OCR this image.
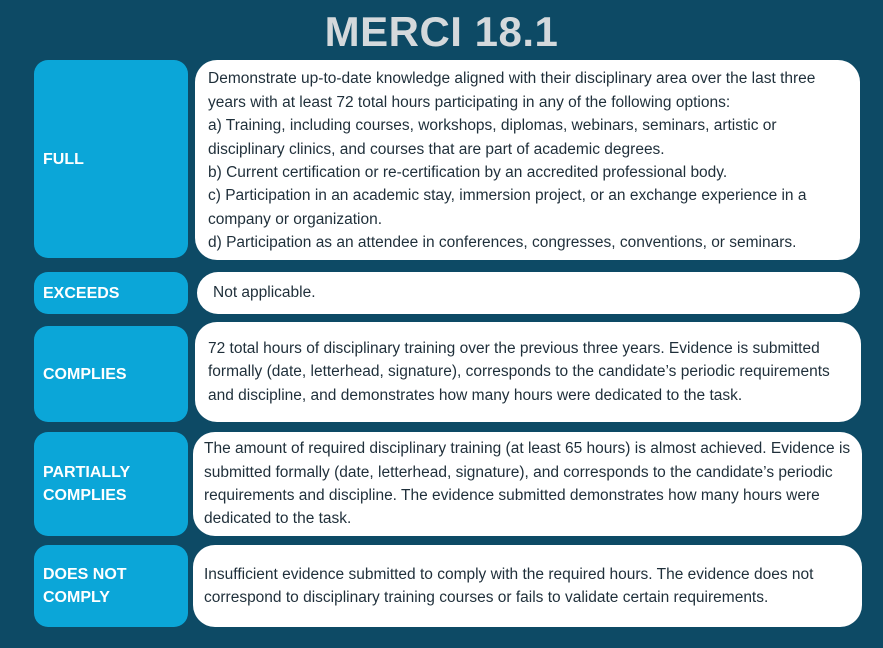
MERCI 18.1
FULL
Demonstrate up-to-date knowledge aligned with their disciplinary area over the last three years with at least 72 total hours participating in any of the following options:
a) Training, including courses, workshops, diplomas, webinars, seminars, artistic or disciplinary clinics, and courses that are part of academic degrees.
b) Current certification or re-certification by an accredited professional body.
c) Participation in an academic stay, immersion project, or an exchange experience in a company or organization.
d) Participation as an attendee in conferences, congresses, conventions, or seminars.
EXCEEDS	Not applicable.
COMPLIES
72 total hours of disciplinary training over the previous three years. Evidence is submitted formally (date, letterhead, signature), corresponds to the candidate’s periodic requirements and discipline, and demonstrates how many hours were dedicated to the task.
PARTIALLY COMPLIES
The amount of required disciplinary training (at least 65 hours) is almost achieved. Evidence is submitted formally (date, letterhead, signature), and corresponds to the candidate’s periodic requirements and discipline. The evidence submitted demonstrates how many hours were dedicated to the task.
DOES NOT COMPLY
Insufficient evidence submitted to comply with the required hours. The evidence does not correspond to disciplinary training courses or fails to validate certain requirements.
